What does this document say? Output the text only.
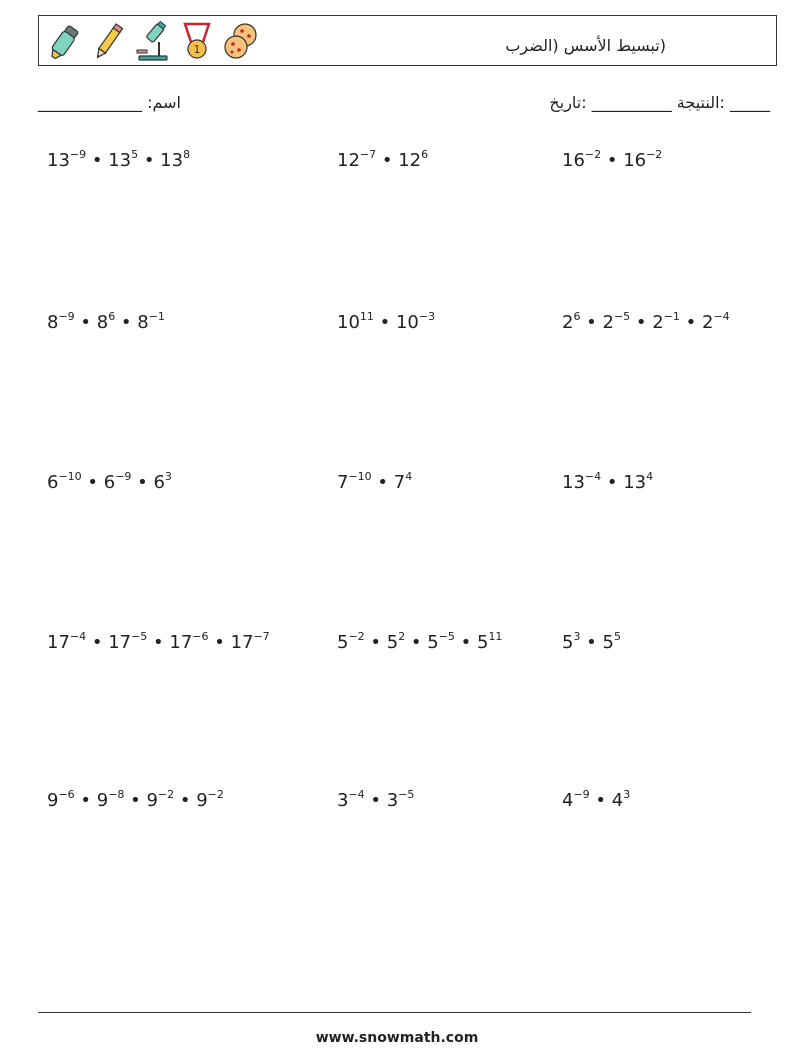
1	(تبسيط الأسس (الضرب
_____________ :اسم	النتيجة __________ :تاريخ: _____
$13^{-9}$ • $13^5$ • $13^8$	$12^{-7}$ • $12^6$	$16^{-2}$ • $16^{-2}$
$8^{-9}$ • $8^6$ • $8^{-1}$	$10^{11}$ • $10^{-3}$	$2^6$ • $2^{-5}$ • $2^{-1}$ • $2^{-4}$
$6^{-10}$ • $6^{-9}$ • $6^3$	$7^{-10}$ • $7^4$	$13^{-4}$ • $13^4$
$17^{-4}$ • $17^{-5}$ • $17^{-6}$ • $17^{-7}$	$5^{-2}$ • $5^2$ • $5^{-5}$ • $5^{11}$	$5^3$ • $5^5$
$9^{-6}$ • $9^{-8}$ • $9^{-2}$ • $9^{-2}$	$3^{-4}$ • $3^{-5}$	$4^{-9}$ • $4^3$
www.snowmath.com
